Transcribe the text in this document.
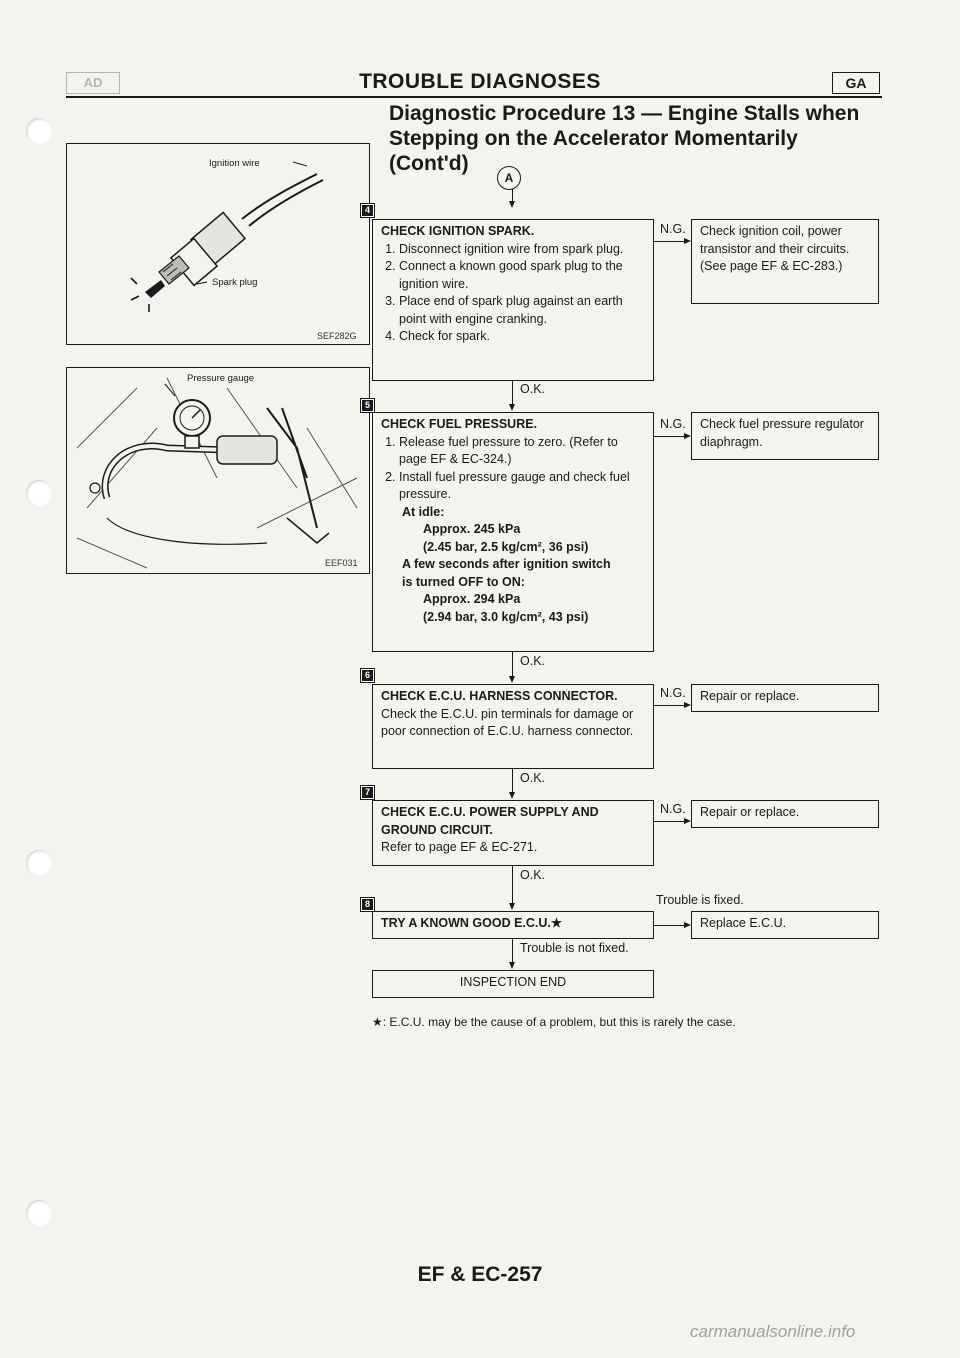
AD	TROUBLE DIAGNOSES	GA
Diagnostic Procedure 13 — Engine Stalls when
Stepping on the Accelerator Momentarily
(Cont'd)
A
Ignition wire
Spark plug
SEF282G
Pressure gauge
EEF031
4
CHECK IGNITION SPARK.
1. Disconnect ignition wire from spark plug.
2. Connect a known good spark plug to the ignition wire.
3. Place end of spark plug against an earth point with engine cranking.
4. Check for spark.
N.G.	Check ignition coil, power transistor and their circuits. (See page EF & EC-283.)
O.K.
5
CHECK FUEL PRESSURE.
1. Release fuel pressure to zero. (Refer to page EF & EC-324.)
2. Install fuel pressure gauge and check fuel pressure.
At idle:
Approx. 245 kPa
(2.45 bar, 2.5 kg/cm², 36 psi)
A few seconds after ignition switch
is turned OFF to ON:
Approx. 294 kPa
(2.94 bar, 3.0 kg/cm², 43 psi)
N.G.	Check fuel pressure regulator diaphragm.
O.K.
6
CHECK E.C.U. HARNESS CONNECTOR.
Check the E.C.U. pin terminals for damage or poor connection of E.C.U. harness connector.
N.G.	Repair or replace.
O.K.
7
CHECK E.C.U. POWER SUPPLY AND GROUND CIRCUIT.
Refer to page EF & EC-271.
N.G.	Repair or replace.
O.K.
8
TRY A KNOWN GOOD E.C.U.★
Trouble is fixed.
Replace E.C.U.
Trouble is not fixed.
INSPECTION END
★: E.C.U. may be the cause of a problem, but this is rarely the case.
EF & EC-257
carmanualsonline.info
